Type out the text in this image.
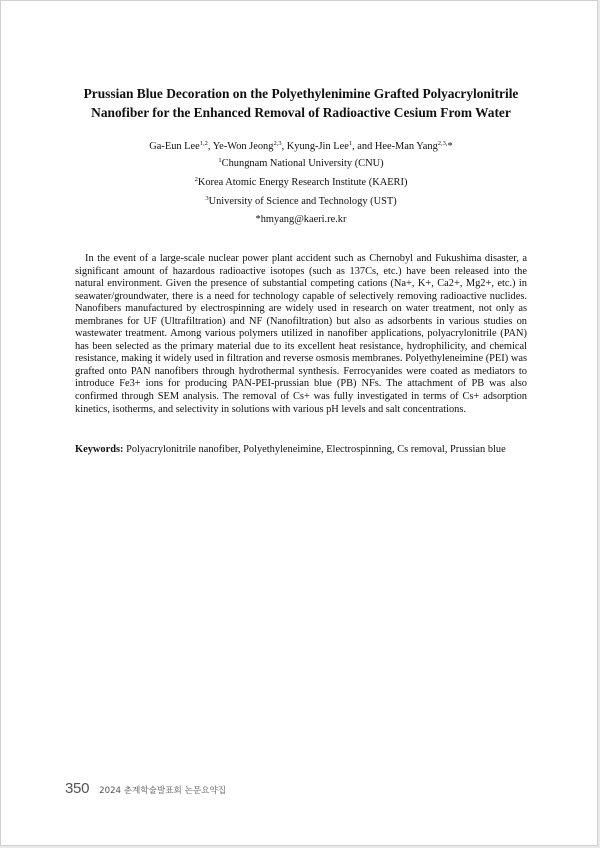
Prussian Blue Decoration on the Polyethylenimine Grafted Polyacrylonitrile
Nanofiber for the Enhanced Removal of Radioactive Cesium From Water
Ga-Eun Lee$^{1,2}$, Ye-Won Jeong$^{2,3}$, Kyung-Jin Lee$^1$, and Hee-Man Yang$^{2,3,}$*
$^1$Chungnam National University (CNU)
$^2$Korea Atomic Energy Research Institute (KAERI)
$^3$University of Science and Technology (UST)
*hmyang@kaeri.re.kr

In the event of a large-scale nuclear power plant accident such as Chernobyl and Fukushima disaster, a significant amount of hazardous radioactive isotopes (such as 137Cs, etc.) have been released into the natural environment. Given the presence of substantial competing cations (Na+, K+, Ca2+, Mg2+, etc.) in seawater/groundwater, there is a need for technology capable of selectively removing radioactive nuclides. Nanofibers manufactured by electrospinning are widely used in research on water treatment, not only as membranes for UF (Ultrafiltration) and NF (Nanofiltration) but also as adsorbents in various studies on wastewater treatment. Among various polymers utilized in nanofiber applications, polyacrylonitrile (PAN) has been selected as the primary material due to its excellent heat resistance, hydrophilicity, and chemical resistance, making it widely used in filtration and reverse osmosis membranes. Polyethyleneimine (PEI) was grafted onto PAN nanofibers through hydrothermal synthesis. Ferrocyanides were coated as mediators to introduce Fe3+ ions for producing PAN-PEI-prussian blue (PB) NFs. The attachment of PB was also confirmed through SEM analysis. The removal of Cs+ was fully investigated in terms of Cs+ adsorption kinetics, isotherms, and selectivity in solutions with various pH levels and salt concentrations.

Keywords: Polyacrylonitrile nanofiber, Polyethyleneimine, Electrospinning, Cs removal, Prussian blue

350 2024 춘계학술발표회 논문요약집
